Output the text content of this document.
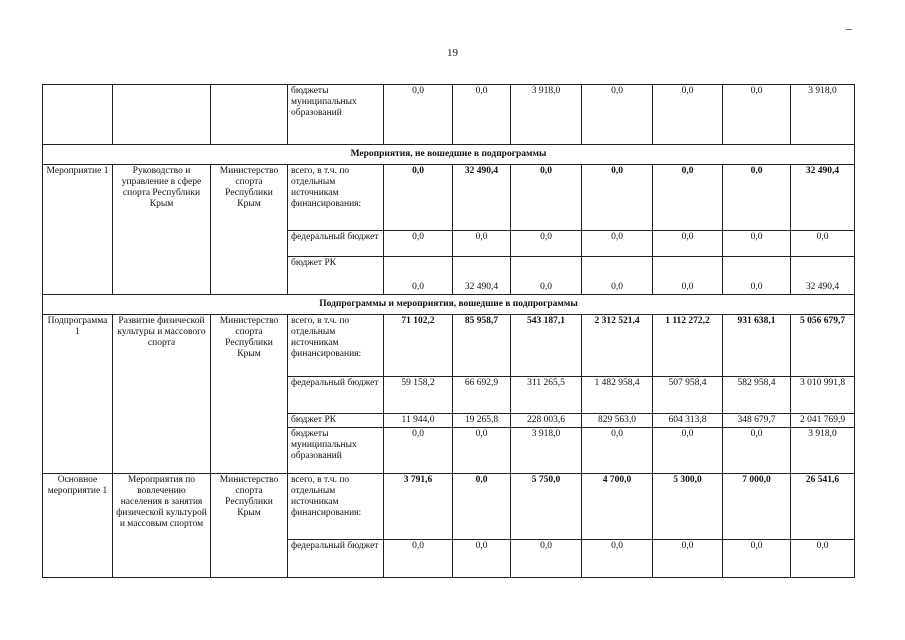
19
			бюджеты муниципальных образований	0,0	0,0	3 918,0	0,0	0,0	0,0	3 918,0
Мероприятия, не вошедшие в подпрограммы										
Мероприятие 1	Руководство и управление в сфере спорта Республики Крым	Министерство спорта Республики Крым	всего, в т.ч. по отдельным источникам финансирования:	0,0	32 490,4	0,0	0,0	0,0	0,0	32 490,4
			федеральный бюджет	0,0	0,0	0,0	0,0	0,0	0,0	0,0
			бюджет РК	0,0	32 490,4	0,0	0,0	0,0	0,0	32 490,4
Подпрограммы и мероприятия, вошедшие в подпрограммы										
Подпрограмма 1	Развитие физической культуры и массового спорта	Министерство спорта Республики Крым	всего, в т.ч. по отдельным источникам финансирования:	71 102,2	85 958,7	543 187,1	2 312 521,4	1 112 272,2	931 638,1	5 056 679,7
			федеральный бюджет	59 158,2	66 692,9	311 265,5	1 482 958,4	507 958,4	582 958,4	3 010 991,8
			бюджет РК	11 944,0	19 265,8	228 003,6	829 563,0	604 313,8	348 679,7	2 041 769,9
			бюджеты муниципальных образований	0,0	0,0	3 918,0	0,0	0,0	0,0	3 918,0
Основное мероприятие 1	Мероприятия по вовлечению населения в занятия физической культурой и массовым спортом	Министерство спорта Республики Крым	всего, в т.ч. по отдельным источникам финансирования:	3 791,6	0,0	5 750,0	4 700,0	5 300,0	7 000,0	26 541,6
			федеральный бюджет	0,0	0,0	0,0	0,0	0,0	0,0	0,0
